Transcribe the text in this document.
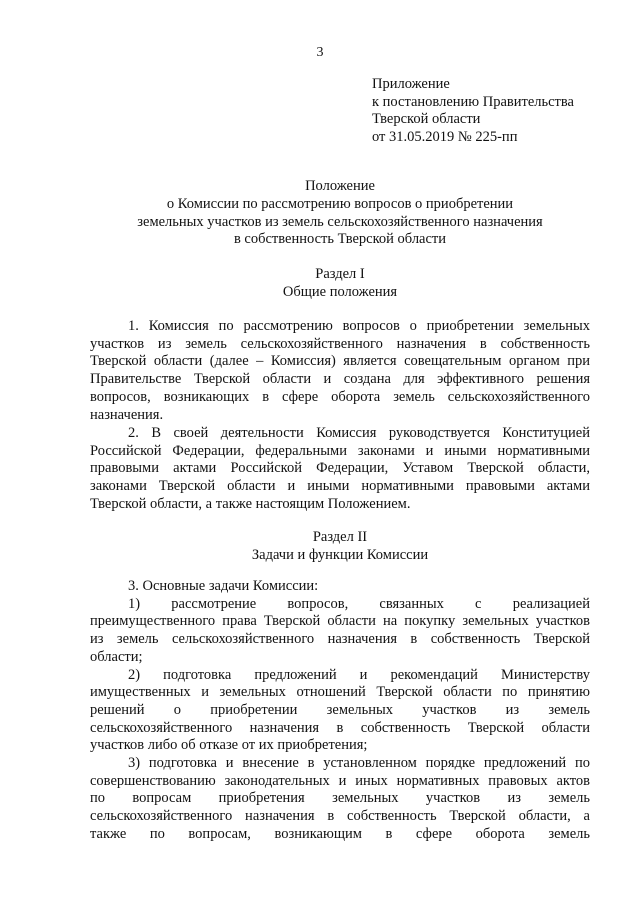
3
Приложение
к постановлению Правительства
Тверской области
от 31.05.2019 № 225-пп
Положение
о Комиссии по рассмотрению вопросов о приобретении
земельных участков из земель сельскохозяйственного назначения
в собственность Тверской области
Раздел I
Общие положения
1. Комиссия по рассмотрению вопросов о приобретении земельных
участков из земель сельскохозяйственного назначения в собственность
Тверской области (далее – Комиссия) является совещательным органом при
Правительстве Тверской области и создана для эффективного решения
вопросов, возникающих в сфере оборота земель сельскохозяйственного
назначения.
2. В своей деятельности Комиссия руководствуется Конституцией
Российской Федерации, федеральными законами и иными нормативными
правовыми актами Российской Федерации, Уставом Тверской области,
законами Тверской области и иными нормативными правовыми актами
Тверской области, а также настоящим Положением.
Раздел II
Задачи и функции Комиссии
3. Основные задачи Комиссии:
1) рассмотрение вопросов, связанных с реализацией
преимущественного права Тверской области на покупку земельных участков
из земель сельскохозяйственного назначения в собственность Тверской
области;
2) подготовка предложений и рекомендаций Министерству
имущественных и земельных отношений Тверской области по принятию
решений о приобретении земельных участков из земель
сельскохозяйственного назначения в собственность Тверской области
участков либо об отказе от их приобретения;
3) подготовка и внесение в установленном порядке предложений по
совершенствованию законодательных и иных нормативных правовых актов
по вопросам приобретения земельных участков из земель
сельскохозяйственного назначения в собственность Тверской области, а
также по вопросам, возникающим в сфере оборота земель
